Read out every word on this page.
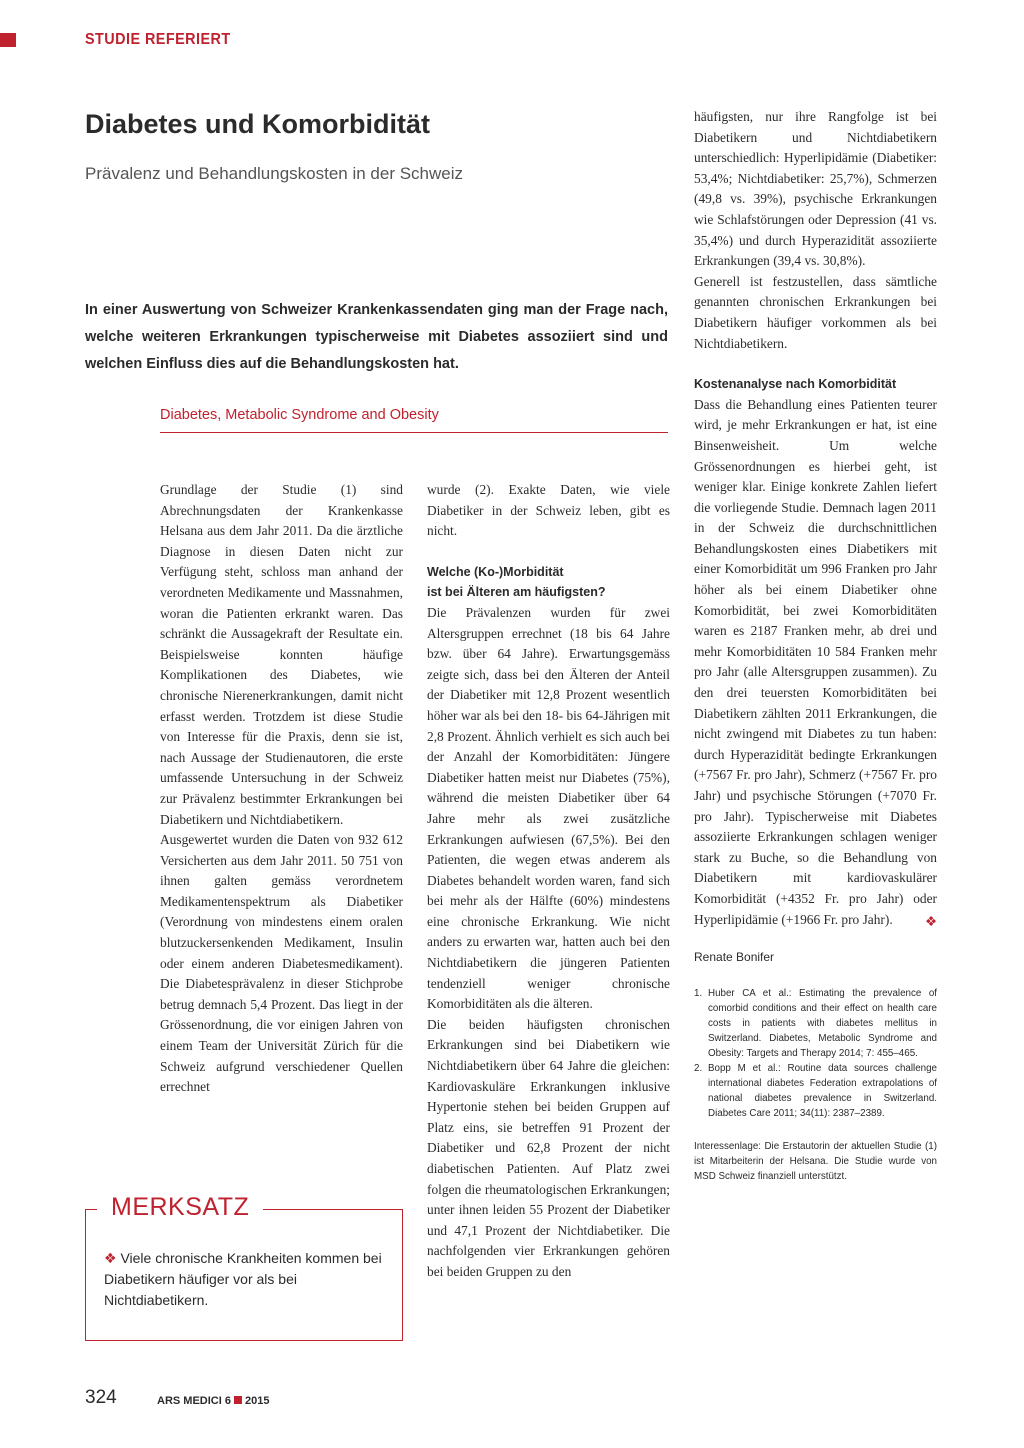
STUDIE REFERIERT
Diabetes und Komorbidität
Prävalenz und Behandlungskosten in der Schweiz
In einer Auswertung von Schweizer Krankenkassendaten ging man der Frage nach, welche weiteren Erkrankungen typischerweise mit Diabetes assoziiert sind und welchen Einfluss dies auf die Behandlungskosten hat.
Diabetes, Metabolic Syndrome and Obesity

Grundlage der Studie (1) sind Abrechnungsdaten der Krankenkasse Helsana aus dem Jahr 2011. Da die ärztliche Diagnose in diesen Daten nicht zur Verfügung steht, schloss man anhand der verordneten Medikamente und Massnahmen, woran die Patienten erkrankt waren. Das schränkt die Aussagekraft der Resultate ein. Beispielsweise konnten häufige Komplikationen des Diabetes, wie chronische Nierenerkrankungen, damit nicht erfasst werden. Trotzdem ist diese Studie von Interesse für die Praxis, denn sie ist, nach Aussage der Studienautoren, die erste umfassende Untersuchung in der Schweiz zur Prävalenz bestimmter Erkrankungen bei Diabetikern und Nichtdiabetikern.

Ausgewertet wurden die Daten von 932 612 Versicherten aus dem Jahr 2011. 50 751 von ihnen galten gemäss verordnetem Medikamentenspektrum als Diabetiker (Verordnung von mindestens einem oralen blutzuckersenkenden Medikament, Insulin oder einem anderen Diabetesmedikament). Die Diabetesprävalenz in dieser Stichprobe betrug demnach 5,4 Prozent. Das liegt in der Grössenordnung, die vor einigen Jahren von einem Team der Universität Zürich für die Schweiz aufgrund verschiedener Quellen errechnet

MERKSATZ
❖ Viele chronische Krankheiten kommen bei Diabetikern häufiger vor als bei Nichtdiabetikern.

wurde (2). Exakte Daten, wie viele Diabetiker in der Schweiz leben, gibt es nicht.

Welche (Ko-)Morbidität

ist bei Älteren am häufigsten?

Die Prävalenzen wurden für zwei Altersgruppen errechnet (18 bis 64 Jahre bzw. über 64 Jahre). Erwartungsgemäss zeigte sich, dass bei den Älteren der Anteil der Diabetiker mit 12,8 Prozent wesentlich höher war als bei den 18- bis 64-Jährigen mit 2,8 Prozent. Ähnlich verhielt es sich auch bei der Anzahl der Komorbiditäten: Jüngere Diabetiker hatten meist nur Diabetes (75%), während die meisten Diabetiker über 64 Jahre mehr als zwei zusätzliche Erkrankungen aufwiesen (67,5%). Bei den Patienten, die wegen etwas anderem als Diabetes behandelt worden waren, fand sich bei mehr als der Hälfte (60%) mindestens eine chronische Erkrankung. Wie nicht anders zu erwarten war, hatten auch bei den Nichtdiabetikern die jüngeren Patienten tendenziell weniger chronische Komorbiditäten als die älteren.

Die beiden häufigsten chronischen Erkrankungen sind bei Diabetikern wie Nichtdiabetikern über 64 Jahre die gleichen: Kardiovaskuläre Erkrankungen inklusive Hypertonie stehen bei beiden Gruppen auf Platz eins, sie betreffen 91 Prozent der Diabetiker und 62,8 Prozent der nicht diabetischen Patienten. Auf Platz zwei folgen die rheumatologischen Erkrankungen; unter ihnen leiden 55 Prozent der Diabetiker und 47,1 Prozent der Nichtdiabetiker. Die nachfolgenden vier Erkrankungen gehören bei beiden Gruppen zu den

häufigsten, nur ihre Rangfolge ist bei Diabetikern und Nichtdiabetikern unterschiedlich: Hyperlipidämie (Diabetiker: 53,4%; Nichtdiabetiker: 25,7%), Schmerzen (49,8 vs. 39%), psychische Erkrankungen wie Schlafstörungen oder Depression (41 vs. 35,4%) und durch Hyperazidität assoziierte Erkrankungen (39,4 vs. 30,8%).

Generell ist festzustellen, dass sämtliche genannten chronischen Erkrankungen bei Diabetikern häufiger vorkommen als bei Nichtdiabetikern.

Kostenanalyse nach Komorbidität

Dass die Behandlung eines Patienten teurer wird, je mehr Erkrankungen er hat, ist eine Binsenweisheit. Um welche Grössenordnungen es hierbei geht, ist weniger klar. Einige konkrete Zahlen liefert die vorliegende Studie. Demnach lagen 2011 in der Schweiz die durchschnittlichen Behandlungskosten eines Diabetikers mit einer Komorbidität um 996 Franken pro Jahr höher als bei einem Diabetiker ohne Komorbidität, bei zwei Komorbiditäten waren es 2187 Franken mehr, ab drei und mehr Komorbiditäten 10 584 Franken mehr pro Jahr (alle Altersgruppen zusammen). Zu den drei teuersten Komorbiditäten bei Diabetikern zählten 2011 Erkrankungen, die nicht zwingend mit Diabetes zu tun haben: durch Hyperazidität bedingte Erkrankungen (+7567 Fr. pro Jahr), Schmerz (+7567 Fr. pro Jahr) und psychische Störungen (+7070 Fr. pro Jahr). Typischerweise mit Diabetes assoziierte Erkrankungen schlagen weniger stark zu Buche, so die Behandlung von Diabetikern mit kardiovaskulärer Komorbidität (+4352 Fr. pro Jahr) oder Hyperlipidämie (+1966 Fr. pro Jahr). ❖

Renate Bonifer
1. Huber CA et al.: Estimating the prevalence of comorbid conditions and their effect on health care costs in patients with diabetes mellitus in Switzerland. Diabetes, Metabolic Syndrome and Obesity: Targets and Therapy 2014; 7: 455–465.
2. Bopp M et al.: Routine data sources challenge international diabetes Federation extrapolations of national diabetes prevalence in Switzerland. Diabetes Care 2011; 34(11): 2387–2389.
Interessenlage: Die Erstautorin der aktuellen Studie (1) ist Mitarbeiterin der Helsana. Die Studie wurde von MSD Schweiz finanziell unterstützt.
324	ARS MEDICI 6 2015
